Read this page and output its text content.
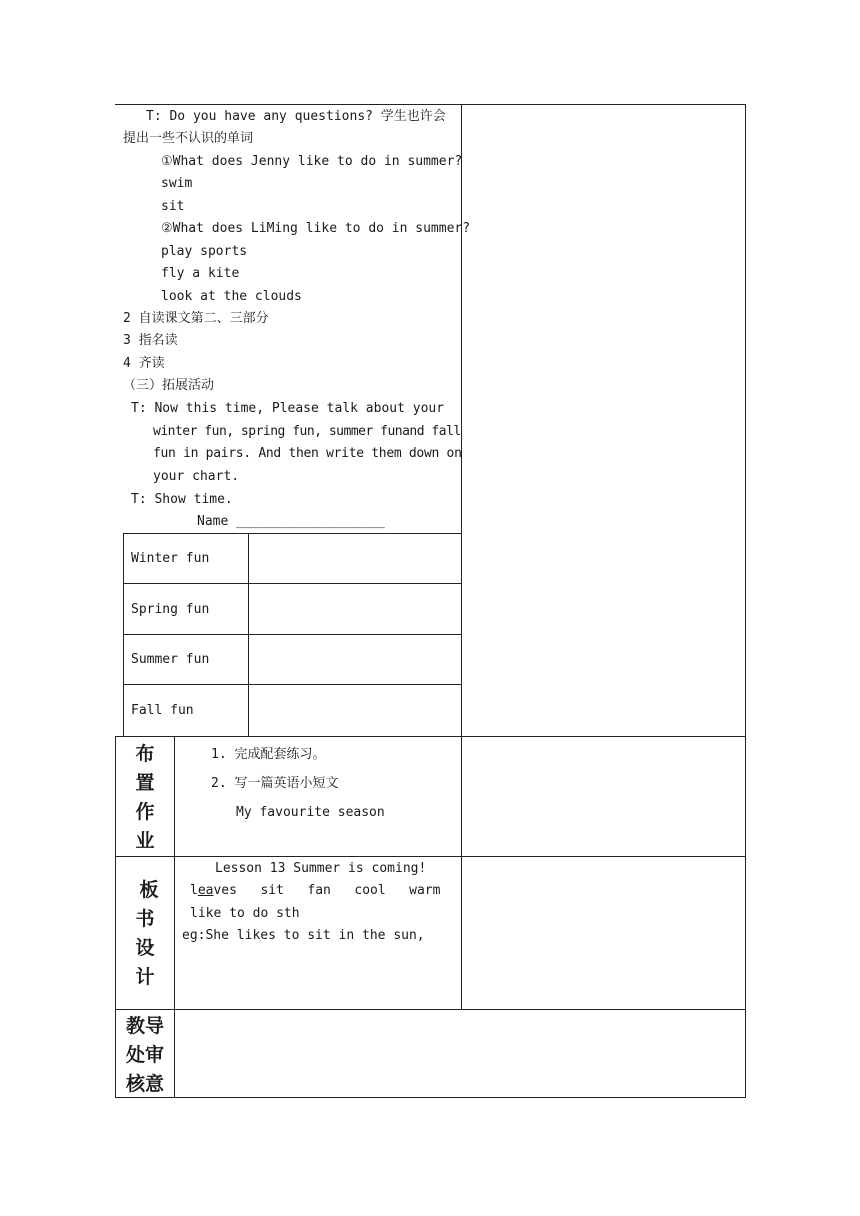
T: Do you have any questions? 学生也许会
提出一些不认识的单词
①What does Jenny like to do in summer?
swim
sit
②What does LiMing like to do in summer?
play sports
fly a kite
look at the clouds
2 自读课文第二、三部分
3 指名读
4 齐读
（三）拓展活动
T: Now this time, Please talk about your
winter fun, spring fun, summer funand fall
fun in pairs. And then write them down on
your chart.
T: Show time.
Name ___________________
Winter fun
Spring fun
Summer fun
Fall fun
布
置
作
业
1. 完成配套练习。
2. 写一篇英语小短文
My favourite season
板
书
设
计
Lesson 13 Summer is coming!
leaves   sit   fan   cool   warm
like to do sth
eg:She likes to sit in the sun,
教导
处审
核意
